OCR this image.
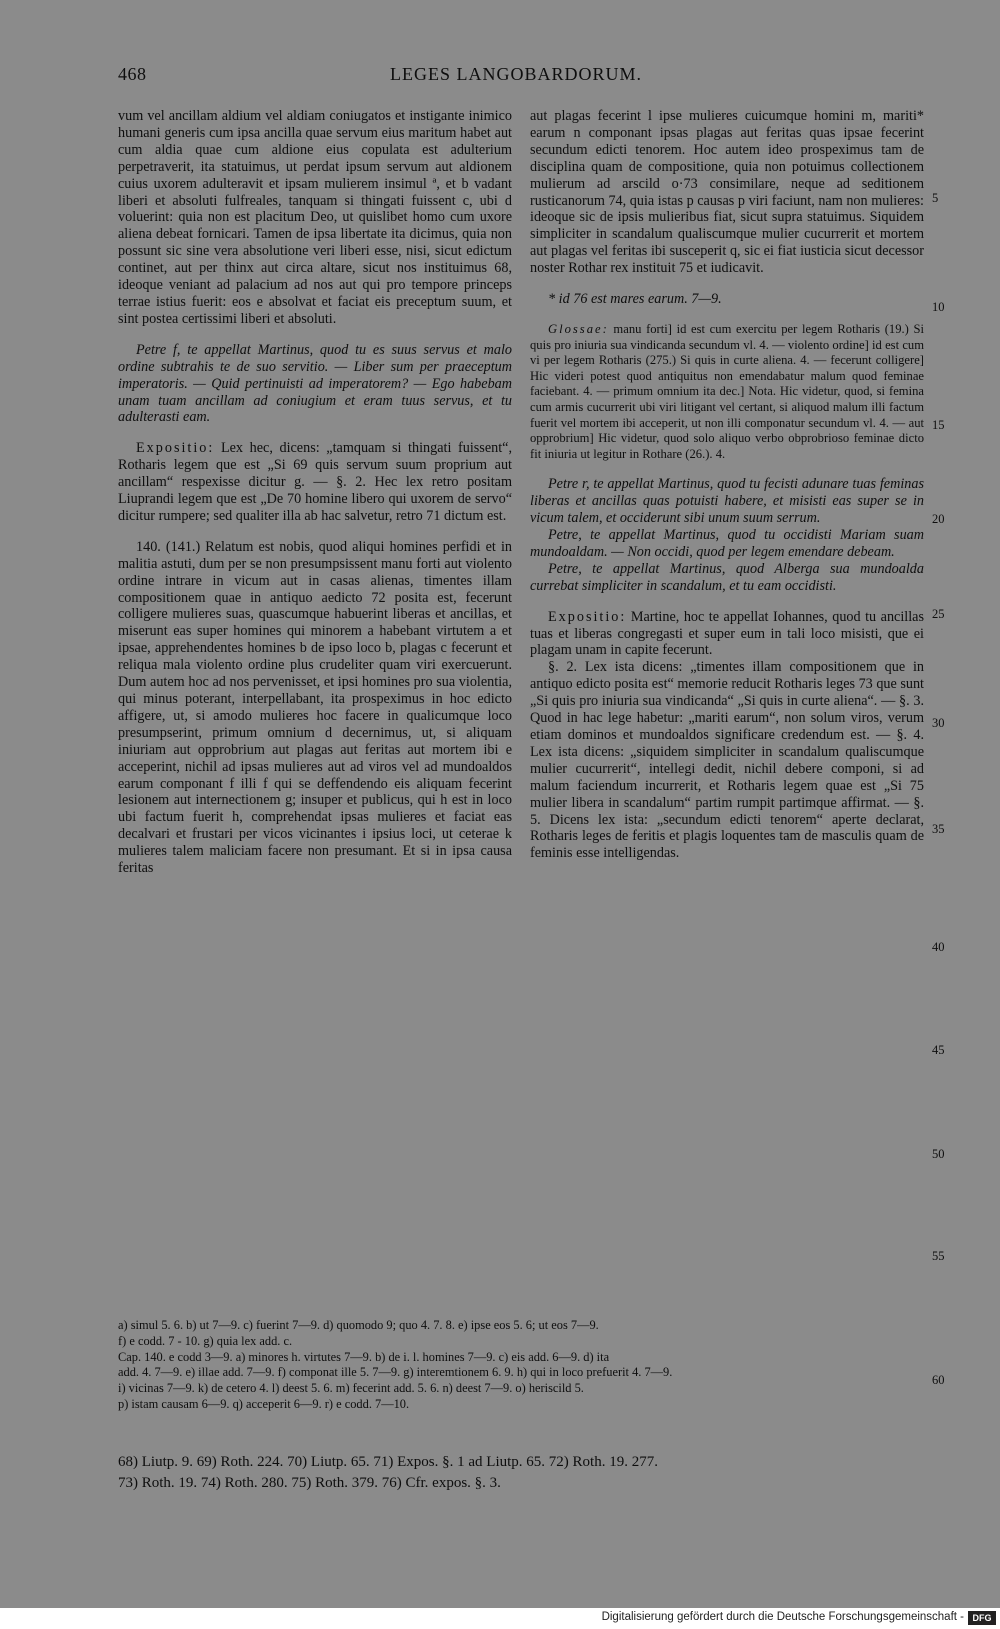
468	LEGES LANGOBARDORUM.

vum vel ancillam aldium vel aldiam coniugatos et instigante inimico humani generis cum ipsa ancilla quae servum eius maritum habet aut cum aldia quae cum aldione eius copulata est adulterium perpetraverit, ita statuimus, ut perdat ipsum servum aut aldionem cuius uxorem adulteravit et ipsam mulierem insimul ª, et b vadant liberi et absoluti fulfreales, tanquam si thingati fuissent c, ubi d voluerint: quia non est placitum Deo, ut quislibet homo cum uxore aliena debeat fornicari. Tamen de ipsa libertate ita dicimus, quia non possunt sic sine vera absolutione veri liberi esse, nisi, sicut edictum continet, aut per thinx aut circa altare, sicut nos instituimus 68, ideoque veniant ad palacium ad nos aut qui pro tempore princeps terrae istius fuerit: eos e absolvat et faciat eis preceptum suum, et sint postea certissimi liberi et absoluti.

Petre f, te appellat Martinus, quod tu es suus servus et malo ordine subtrahis te de suo servitio. — Liber sum per praeceptum imperatoris. — Quid pertinuisti ad imperatorem? — Ego habebam unam tuam ancillam ad coniugium et eram tuus servus, et tu adulterasti eam.

Expositio: Lex hec, dicens: „tamquam si thingati fuissent“, Rotharis legem que est „Si 69 quis servum suum proprium aut ancillam“ respexisse dicitur g. — §. 2. Hec lex retro positam Liuprandi legem que est „De 70 homine libero qui uxorem de servo“ dicitur rumpere; sed qualiter illa ab hac salvetur, retro 71 dictum est.

140. (141.) Relatum est nobis, quod aliqui homines perfidi et in malitia astuti, dum per se non presumpsissent manu forti aut violento ordine intrare in vicum aut in casas alienas, timentes illam compositionem quae in antiquo aedicto 72 posita est, fecerunt colligere mulieres suas, quascumque habuerint liberas et ancillas, et miserunt eas super homines qui minorem a habebant virtutem a et ipsae, apprehendentes homines b de ipso loco b, plagas c fecerunt et reliqua mala violento ordine plus crudeliter quam viri exercuerunt. Dum autem hoc ad nos pervenisset, et ipsi homines pro sua violentia, qui minus poterant, interpellabant, ita prospeximus in hoc edicto affigere, ut, si amodo mulieres hoc facere in qualicumque loco presumpserint, primum omnium d decernimus, ut, si aliquam iniuriam aut opprobrium aut plagas aut feritas aut mortem ibi e acceperint, nichil ad ipsas mulieres aut ad viros vel ad mundoaldos earum componant f illi f qui se deffendendo eis aliquam fecerint lesionem aut internectionem g; insuper et publicus, qui h est in loco ubi factum fuerit h, comprehendat ipsas mulieres et faciat eas decalvari et frustari per vicos vicinantes i ipsius loci, ut ceterae k mulieres talem maliciam facere non presumant. Et si in ipsa causa feritas

aut plagas fecerint l ipse mulieres cuicumque homini m, mariti* earum n componant ipsas plagas aut feritas quas ipsae fecerint secundum edicti tenorem. Hoc autem ideo prospeximus tam de disciplina quam de compositione, quia non potuimus collectionem mulierum ad arscild o·73 consimilare, neque ad seditionem rusticanorum 74, quia istas p causas p viri faciunt, nam non mulieres: ideoque sic de ipsis mulieribus fiat, sicut supra statuimus. Siquidem simpliciter in scandalum qualiscumque mulier cucurrerit et mortem aut plagas vel feritas ibi susceperit q, sic ei fiat iusticia sicut decessor noster Rothar rex instituit 75 et iudicavit.

* id 76 est mares earum. 7—9.

Glossae: manu forti] id est cum exercitu per legem Rotharis (19.) Si quis pro iniuria sua vindicanda secundum vl. 4. — violento ordine] id est cum vi per legem Rotharis (275.) Si quis in curte aliena. 4. — fecerunt colligere] Hic videri potest quod antiquitus non emendabatur malum quod feminae faciebant. 4. — primum omnium ita dec.] Nota. Hic videtur, quod, si femina cum armis cucurrerit ubi viri litigant vel certant, si aliquod malum illi factum fuerit vel mortem ibi acceperit, ut non illi componatur secundum vl. 4. — aut opprobrium] Hic videtur, quod solo aliquo verbo obprobrioso feminae dicto fit iniuria ut legitur in Rothare (26.). 4.

Petre r, te appellat Martinus, quod tu fecisti adunare tuas feminas liberas et ancillas quas potuisti habere, et misisti eas super se in vicum talem, et occiderunt sibi unum suum serrum.

Petre, te appellat Martinus, quod tu occidisti Mariam suam mundoaldam. — Non occidi, quod per legem emendare debeam.

Petre, te appellat Martinus, quod Alberga sua mundoalda currebat simpliciter in scandalum, et tu eam occidisti.

Expositio: Martine, hoc te appellat Iohannes, quod tu ancillas tuas et liberas congregasti et super eum in tali loco misisti, que ei plagam unam in capite fecerunt.

§. 2. Lex ista dicens: „timentes illam compositionem que in antiquo edicto posita est“ memorie reducit Rotharis leges 73 que sunt „Si quis pro iniuria sua vindicanda“ „Si quis in curte aliena“. — §. 3. Quod in hac lege habetur: „mariti earum“, non solum viros, verum etiam dominos et mundoaldos significare credendum est. — §. 4. Lex ista dicens: „siquidem simpliciter in scandalum qualiscumque mulier cucurrerit“, intellegi dedit, nichil debere componi, si ad malum faciendum incurrerit, et Rotharis legem quae est „Si 75 mulier libera in scandalum“ partim rumpit partimque affirmat. — §. 5. Dicens lex ista: „secundum edicti tenorem“ aperte declarat, Rotharis leges de feritis et plagis loquentes tam de masculis quam de feminis esse intelligendas.

5
10
15
20
25
30
35
40
45
50
55
60
a) simul 5. 6. b) ut 7—9. c) fuerint 7—9. d) quomodo 9; quo 4. 7. 8. e) ipse eos 5. 6; ut eos 7—9.
f) e codd. 7 - 10. g) quia lex add. c.
Cap. 140. e codd 3—9. a) minores h. virtutes 7—9. b) de i. l. homines 7—9. c) eis add. 6—9. d) ita
add. 4. 7—9. e) illae add. 7—9. f) componat ille 5. 7—9. g) interemtionem 6. 9. h) qui in loco prefuerit 4. 7—9.
i) vicinas 7—9. k) de cetero 4. l) deest 5. 6. m) fecerint add. 5. 6. n) deest 7—9. o) heriscild 5.
p) istam causam 6—9. q) acceperit 6—9. r) e codd. 7—10.
68) Liutp. 9. 69) Roth. 224. 70) Liutp. 65. 71) Expos. §. 1 ad Liutp. 65. 72) Roth. 19. 277.
73) Roth. 19. 74) Roth. 280. 75) Roth. 379. 76) Cfr. expos. §. 3.
Digitalisierung gefördert durch die Deutsche Forschungsgemeinschaft - DFG
